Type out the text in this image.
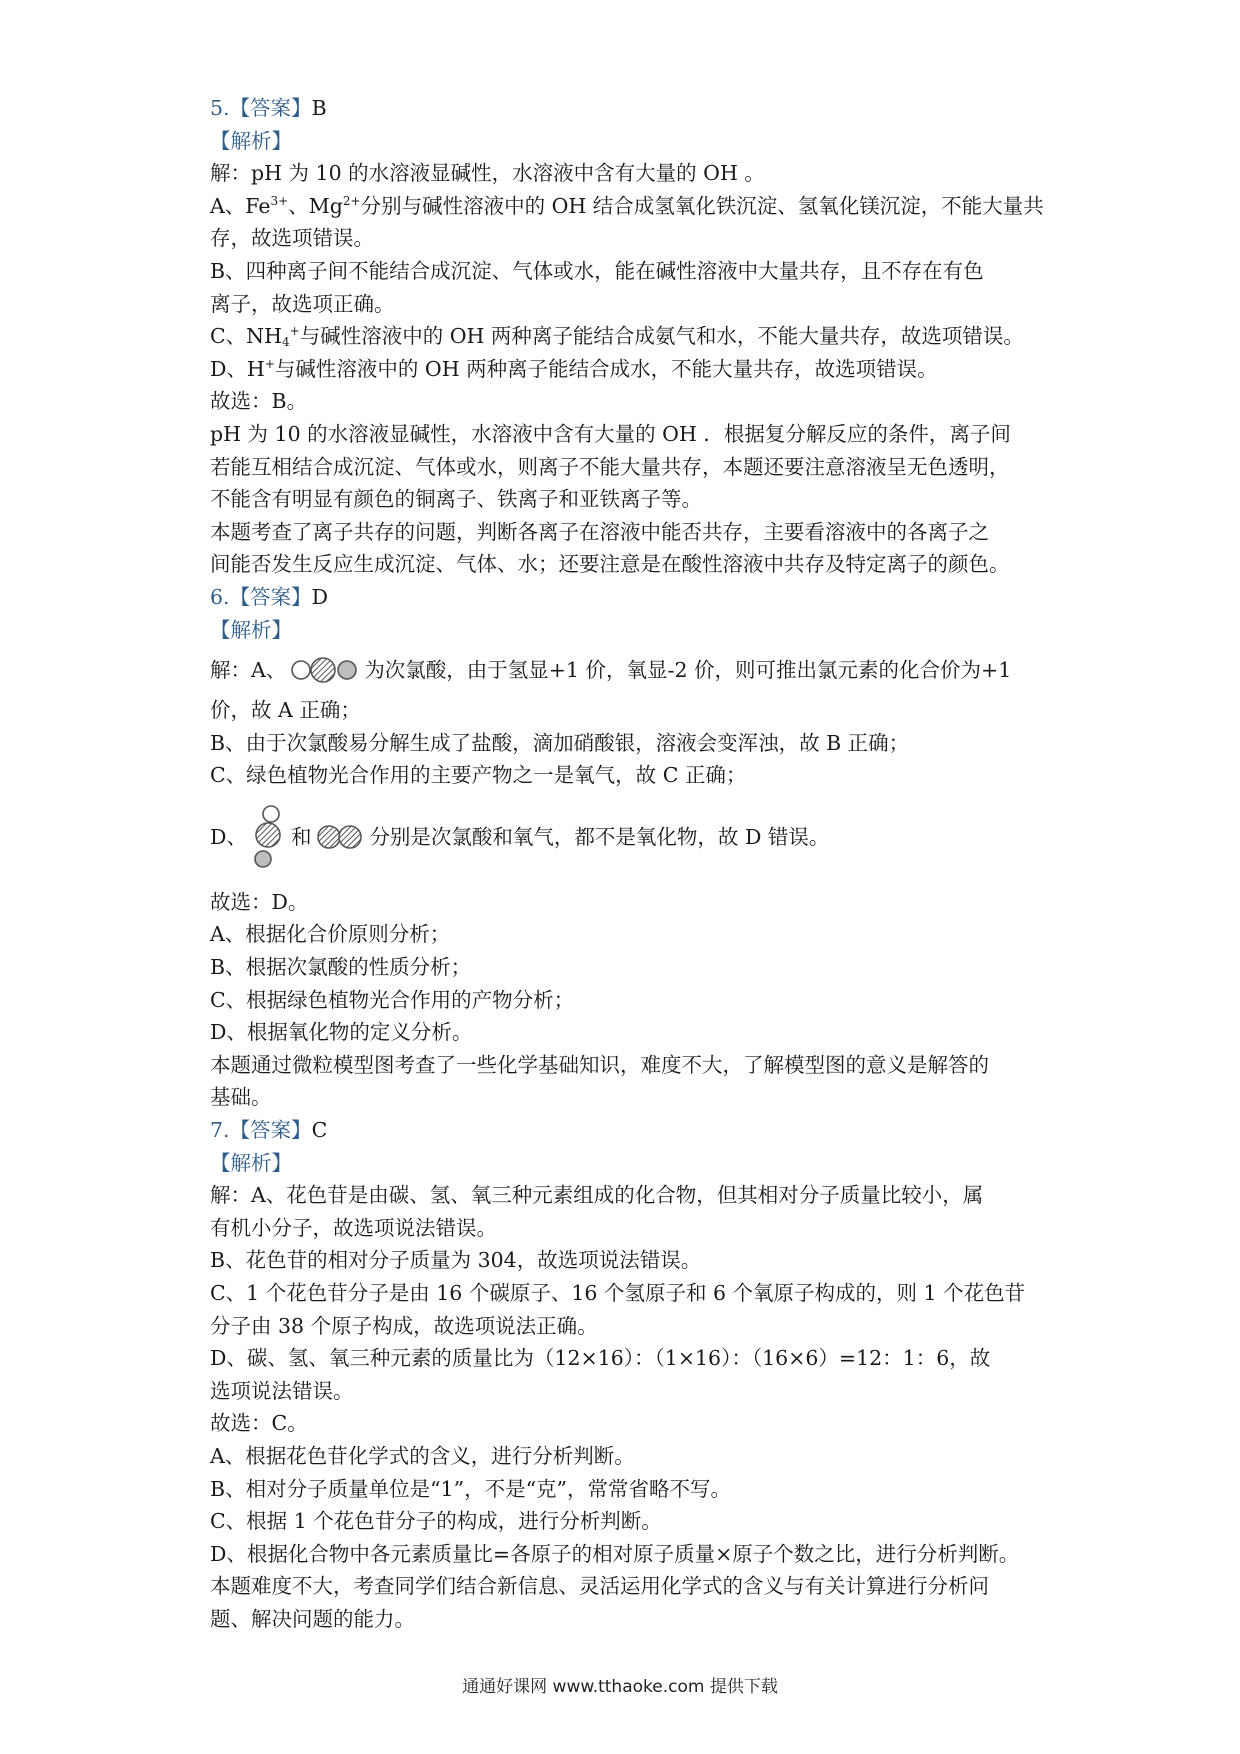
5.【答案】B
【解析】
解：pH 为 10 的水溶液显碱性，水溶液中含有大量的 OH 。
A、$Fe^{3+}$、$Mg^{2+}$分别与碱性溶液中的 OH 结合成氢氧化铁沉淀、氢氧化镁沉淀，不能大量共
存，故选项错误。
B、四种离子间不能结合成沉淀、气体或水，能在碱性溶液中大量共存，且不存在有色
离子，故选项正确。
C、$NH_4^+$与碱性溶液中的 OH 两种离子能结合成氨气和水，不能大量共存，故选项错误。
D、H+与碱性溶液中的 OH 两种离子能结合成水，不能大量共存，故选项错误。
故选：B。
pH 为 10 的水溶液显碱性，水溶液中含有大量的 OH ．根据复分解反应的条件，离子间
若能互相结合成沉淀、气体或水，则离子不能大量共存，本题还要注意溶液呈无色透明，
不能含有明显有颜色的铜离子、铁离子和亚铁离子等。
本题考查了离子共存的问题，判断各离子在溶液中能否共存，主要看溶液中的各离子之
间能否发生反应生成沉淀、气体、水；还要注意是在酸性溶液中共存及特定离子的颜色。
6.【答案】D
【解析】
解：A、	为次氯酸，由于氢显+1 价，氧显-2 价，则可推出氯元素的化合价为+1
价，故 A 正确；
B、由于次氯酸易分解生成了盐酸，滴加硝酸银，溶液会变浑浊，故 B 正确；
C、绿色植物光合作用的主要产物之一是氧气，故 C 正确；
D、 和	分别是次氯酸和氧气，都不是氧化物，故 D 错误。
故选：D。
A、根据化合价原则分析；
B、根据次氯酸的性质分析；
C、根据绿色植物光合作用的产物分析；
D、根据氧化物的定义分析。
本题通过微粒模型图考查了一些化学基础知识，难度不大，了解模型图的意义是解答的
基础。
7.【答案】C
【解析】
解：A、花色苷是由碳、氢、氧三种元素组成的化合物，但其相对分子质量比较小，属
有机小分子，故选项说法错误。
B、花色苷的相对分子质量为 304，故选项说法错误。
C、1 个花色苷分子是由 16 个碳原子、16 个氢原子和 6 个氧原子构成的，则 1 个花色苷
分子由 38 个原子构成，故选项说法正确。
D、碳、氢、氧三种元素的质量比为（12×16）：（1×16）：（16×6）=12：1：6，故
选项说法错误。
故选：C。
A、根据花色苷化学式的含义，进行分析判断。
B、相对分子质量单位是“1”，不是“克”，常常省略不写。
C、根据 1 个花色苷分子的构成，进行分析判断。
D、根据化合物中各元素质量比=各原子的相对原子质量×原子个数之比，进行分析判断。
本题难度不大，考查同学们结合新信息、灵活运用化学式的含义与有关计算进行分析问
题、解决问题的能力。
通通好课网 www.tthaoke.com 提供下载
